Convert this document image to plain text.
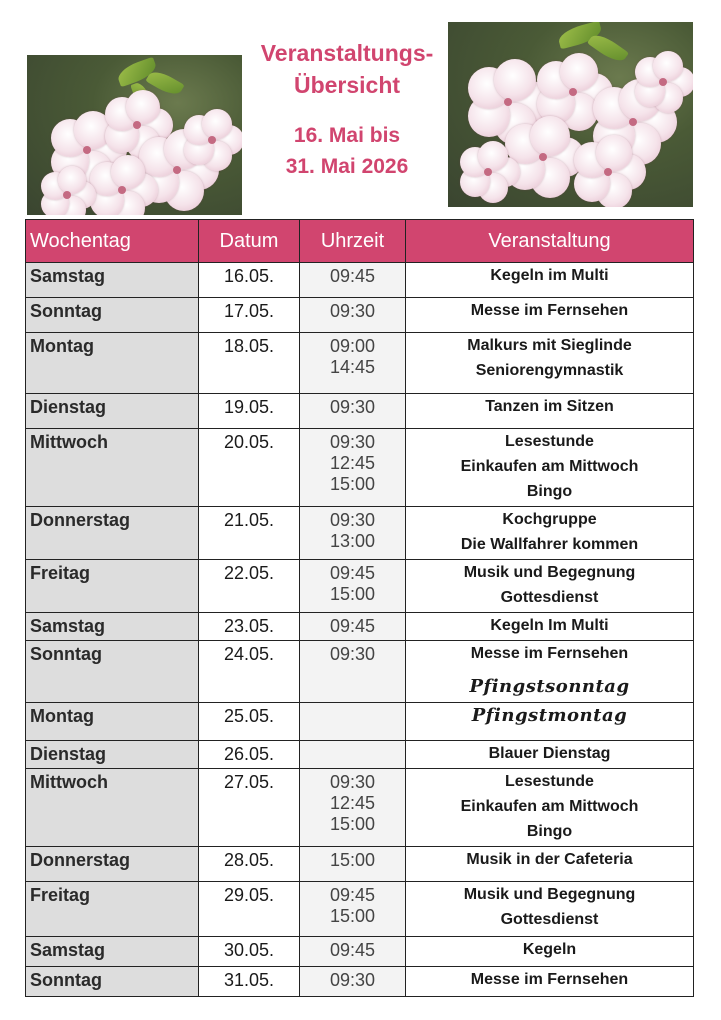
Veranstaltungs-
Übersicht
16. Mai bis
31. Mai 2026
Wochentag	Datum	Uhrzeit	Veranstaltung
Samstag	16.05.	09:45	Kegeln im Multi

Sonntag	17.05.	09:30	Messe im Fernsehen

Montag	18.05.	09:00
14:45	Malkurs mit Sieglinde
Seniorengymnastik

Dienstag	19.05.	09:30	Tanzen im Sitzen

Mittwoch	20.05.	09:30
12:45
15:00	Lesestunde
Einkaufen am Mittwoch
Bingo

Donnerstag	21.05.	09:30
13:00	Kochgruppe
Die Wallfahrer kommen

Freitag	22.05.	09:45
15:00	Musik und Begegnung
Gottesdienst

Samstag	23.05.	09:45	Kegeln Im Multi

Sonntag	24.05.	09:30	Messe im Fernsehen
Pfingstsonntag

Montag	25.05.		Pfingstmontag

Dienstag	26.05.		Blauer Dienstag

Mittwoch	27.05.	09:30
12:45
15:00	Lesestunde
Einkaufen am Mittwoch
Bingo

Donnerstag	28.05.	15:00	Musik in der Cafeteria

Freitag	29.05.	09:45
15:00	Musik und Begegnung
Gottesdienst

Samstag	30.05.	09:45	Kegeln

Sonntag	31.05.	09:30	Messe im Fernsehen
